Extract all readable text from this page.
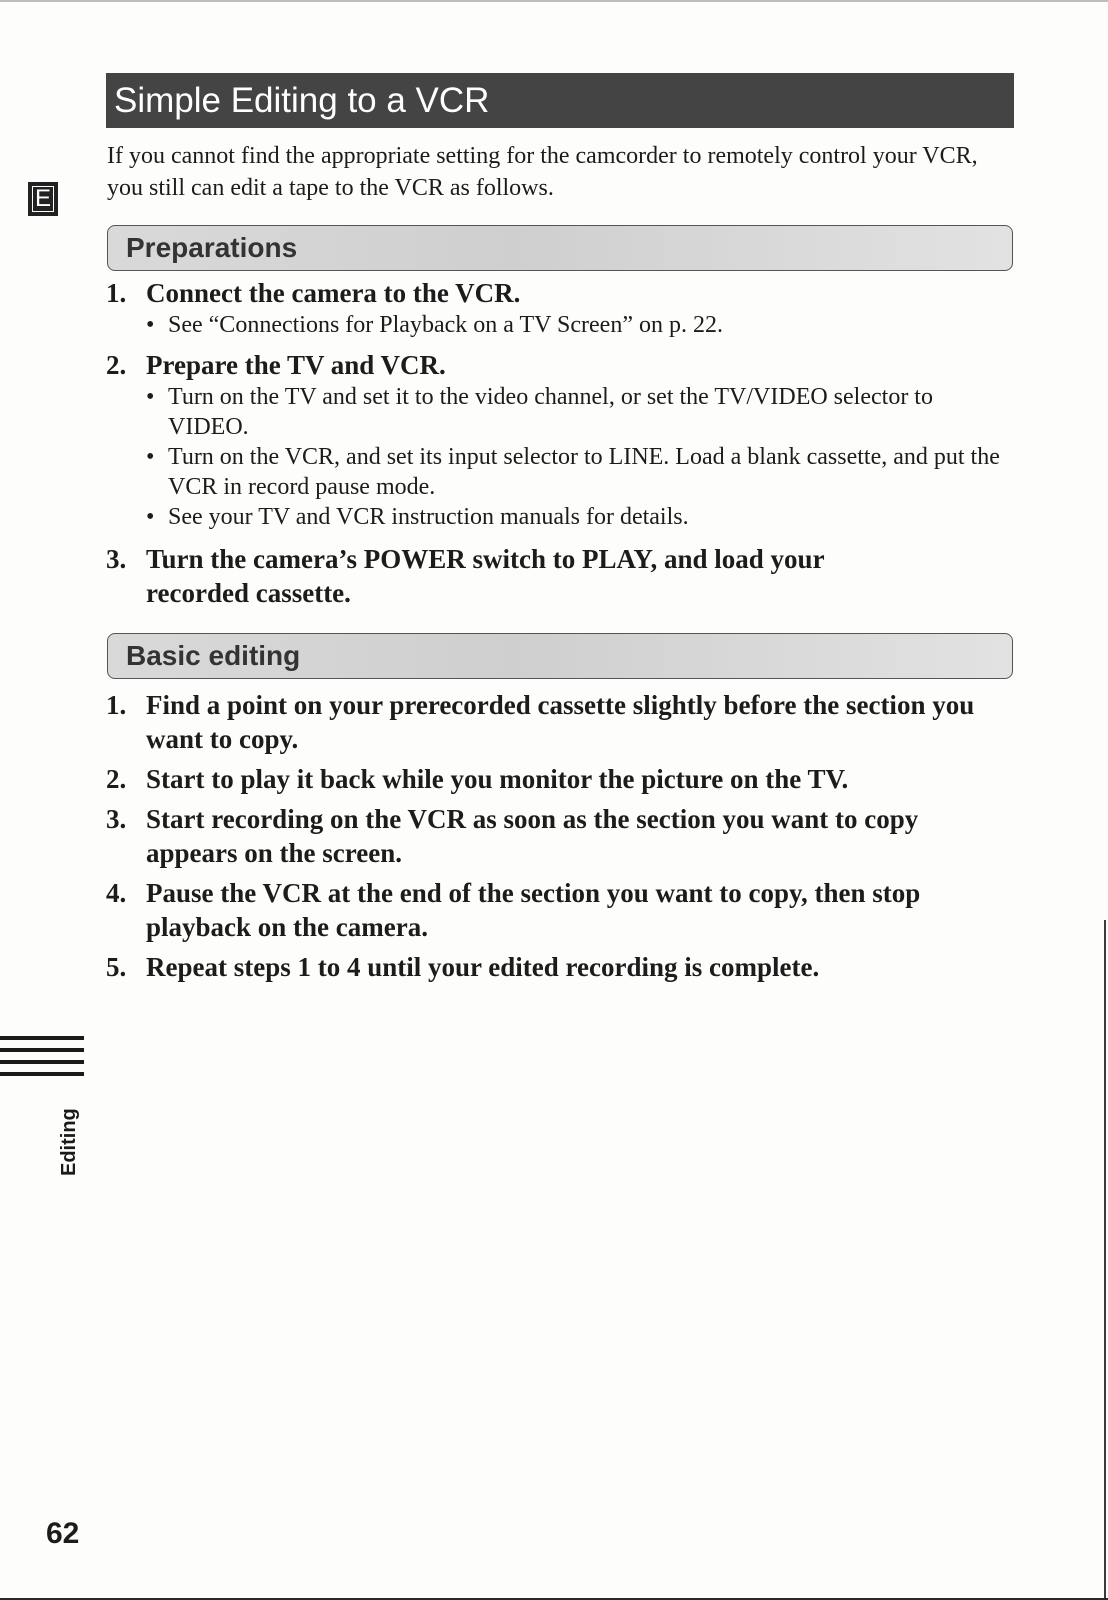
Simple Editing to a VCR

If you cannot find the appropriate setting for the camcorder to remotely control your VCR, you still can edit a tape to the VCR as follows.

E
Preparations
1. Connect the camera to the VCR.
• See “Connections for Playback on a TV Screen” on p. 22.
2. Prepare the TV and VCR.
• Turn on the TV and set it to the video channel, or set the TV/VIDEO selector to VIDEO.
• Turn on the VCR, and set its input selector to LINE. Load a blank cassette, and put the VCR in record pause mode.
• See your TV and VCR instruction manuals for details.
3. Turn the camera’s POWER switch to PLAY, and load your recorded cassette.
Basic editing
1. Find a point on your prerecorded cassette slightly before the section you want to copy.
2. Start to play it back while you monitor the picture on the TV.
3. Start recording on the VCR as soon as the section you want to copy appears on the screen.
4. Pause the VCR at the end of the section you want to copy, then stop playback on the camera.
5. Repeat steps 1 to 4 until your edited recording is complete.
Editing
62
